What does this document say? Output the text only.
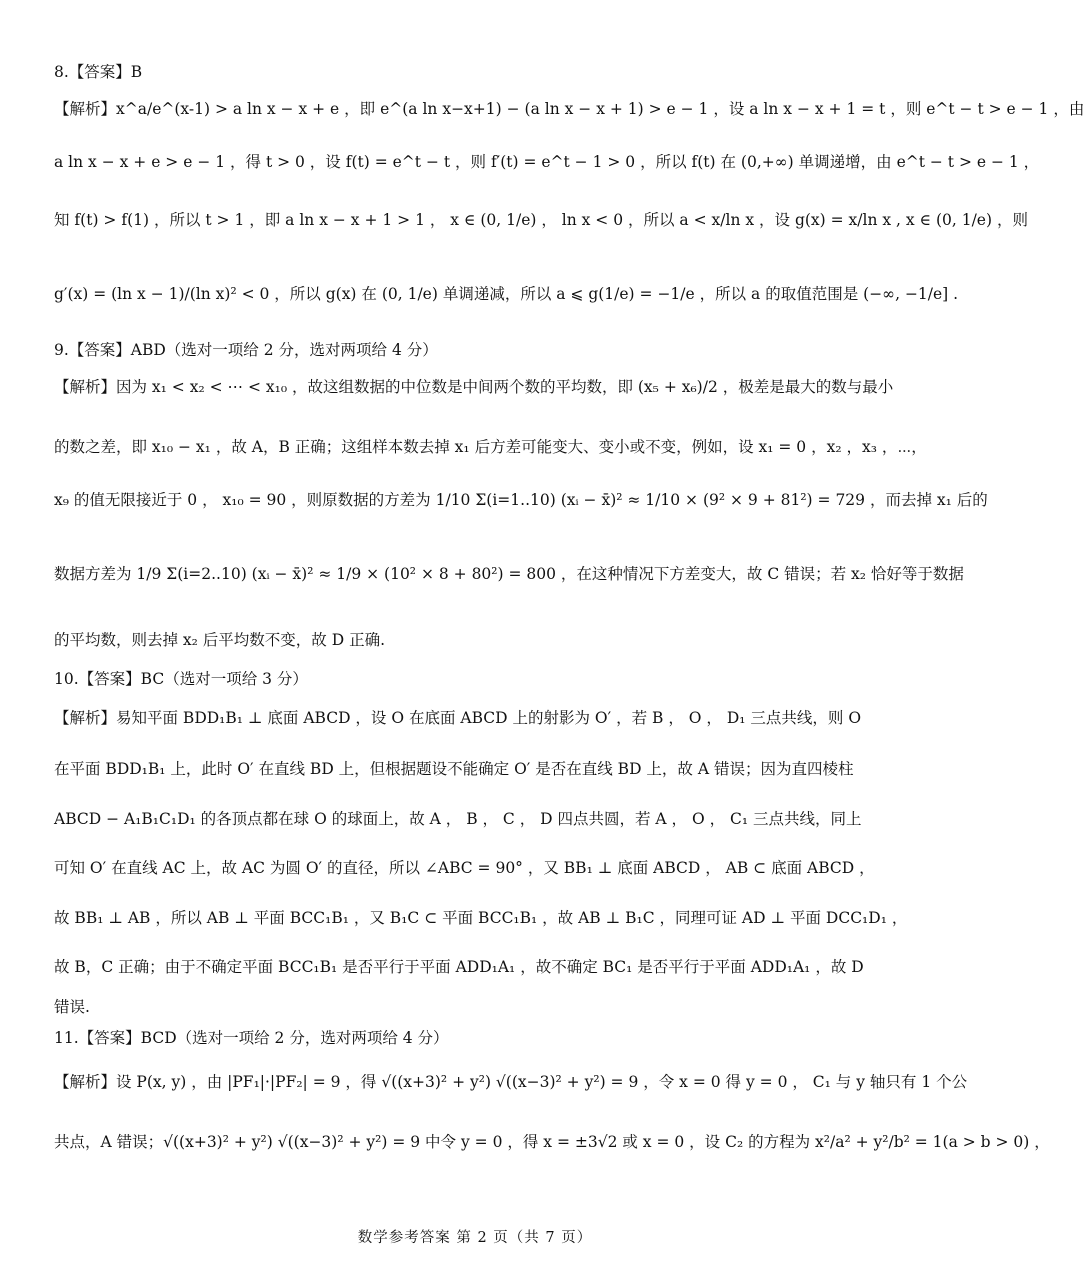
8.【答案】B
【解析】x^a/e^(x-1) > a ln x − x + e ，即 e^(a ln x−x+1) − (a ln x − x + 1) > e − 1 ，设 a ln x − x + 1 = t ，则 e^t − t > e − 1 ，由
a ln x − x + e > e − 1 ，得 t > 0 ，设 f(t) = e^t − t ，则 f′(t) = e^t − 1 > 0 ，所以 f(t) 在 (0,+∞) 单调递增，由 e^t − t > e − 1 ，
知 f(t) > f(1) ，所以 t > 1 ，即 a ln x − x + 1 > 1 ， x ∈ (0, 1/e) ， ln x < 0 ，所以 a < x/ln x ，设 g(x) = x/ln x , x ∈ (0, 1/e) ，则
g′(x) = (ln x − 1)/(ln x)² < 0 ，所以 g(x) 在 (0, 1/e) 单调递减，所以 a ⩽ g(1/e) = −1/e ，所以 a 的取值范围是 (−∞, −1/e] .
9.【答案】ABD（选对一项给 2 分，选对两项给 4 分）
【解析】因为 x₁ < x₂ < ⋯ < x₁₀ ，故这组数据的中位数是中间两个数的平均数，即 (x₅ + x₆)/2 ，极差是最大的数与最小
的数之差，即 x₁₀ − x₁ ，故 A，B 正确；这组样本数去掉 x₁ 后方差可能变大、变小或不变，例如，设 x₁ = 0 ，x₂ ，x₃ ，⋯，
x₉ 的值无限接近于 0 ， x₁₀ = 90 ，则原数据的方差为 1/10 Σ(i=1..10) (xᵢ − x̄)² ≈ 1/10 × (9² × 9 + 81²) = 729 ，而去掉 x₁ 后的
数据方差为 1/9 Σ(i=2..10) (xᵢ − x̄)² ≈ 1/9 × (10² × 8 + 80²) = 800 ，在这种情况下方差变大，故 C 错误；若 x₂ 恰好等于数据
的平均数，则去掉 x₂ 后平均数不变，故 D 正确.
10.【答案】BC（选对一项给 3 分）
【解析】易知平面 BDD₁B₁ ⊥ 底面 ABCD ，设 O 在底面 ABCD 上的射影为 O′ ，若 B ， O ， D₁ 三点共线，则 O
在平面 BDD₁B₁ 上，此时 O′ 在直线 BD 上，但根据题设不能确定 O′ 是否在直线 BD 上，故 A 错误；因为直四棱柱
ABCD − A₁B₁C₁D₁ 的各顶点都在球 O 的球面上，故 A ， B ， C ， D 四点共圆，若 A ， O ， C₁ 三点共线，同上
可知 O′ 在直线 AC 上，故 AC 为圆 O′ 的直径，所以 ∠ABC = 90° ，又 BB₁ ⊥ 底面 ABCD ， AB ⊂ 底面 ABCD ，
故 BB₁ ⊥ AB ，所以 AB ⊥ 平面 BCC₁B₁ ，又 B₁C ⊂ 平面 BCC₁B₁ ，故 AB ⊥ B₁C ，同理可证 AD ⊥ 平面 DCC₁D₁ ，
故 B，C 正确；由于不确定平面 BCC₁B₁ 是否平行于平面 ADD₁A₁ ，故不确定 BC₁ 是否平行于平面 ADD₁A₁ ，故 D
错误.
11.【答案】BCD（选对一项给 2 分，选对两项给 4 分）
【解析】设 P(x, y) ，由 |PF₁|·|PF₂| = 9 ，得 √((x+3)² + y²) √((x−3)² + y²) = 9 ，令 x = 0 得 y = 0 ， C₁ 与 y 轴只有 1 个公
共点，A 错误；√((x+3)² + y²) √((x−3)² + y²) = 9 中令 y = 0 ，得 x = ±3√2 或 x = 0 ，设 C₂ 的方程为 x²/a² + y²/b² = 1(a > b > 0) ，
数学参考答案 第 2 页（共 7 页）
